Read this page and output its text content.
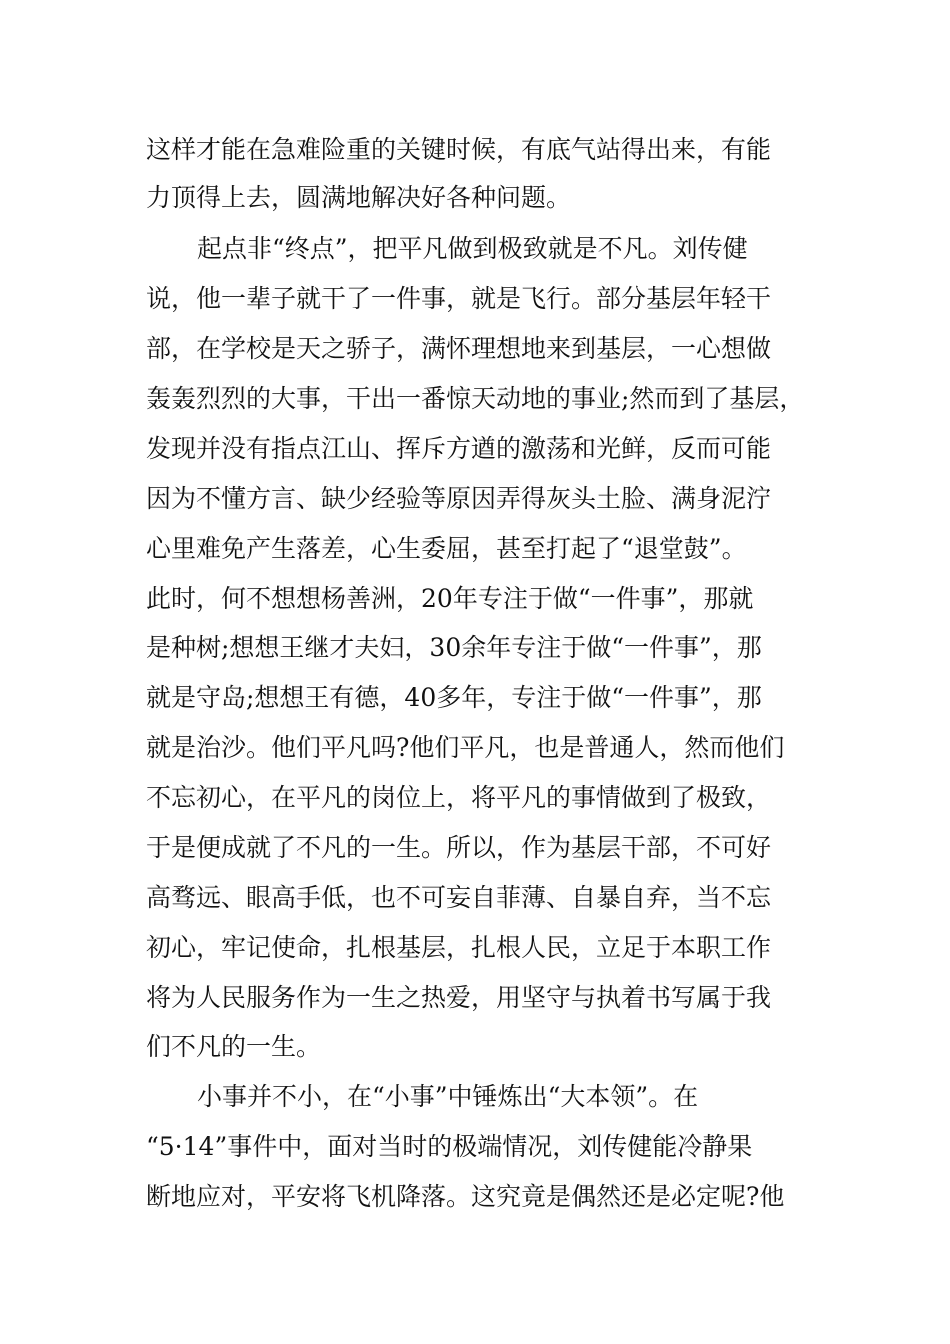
这样才能在急难险重的关键时候，有底气站得出来，有能

力顶得上去，圆满地解决好各种问题。

起点非“终点”，把平凡做到极致就是不凡。刘传健

说，他一辈子就干了一件事，就是飞行。部分基层年轻干

部，在学校是天之骄子，满怀理想地来到基层，一心想做

轰轰烈烈的大事，干出一番惊天动地的事业;然而到了基层，

发现并没有指点江山、挥斥方遒的激荡和光鲜，反而可能

因为不懂方言、缺少经验等原因弄得灰头土脸、满身泥泞

心里难免产生落差，心生委屈，甚至打起了“退堂鼓”。

此时，何不想想杨善洲，20年专注于做“一件事”，那就

是种树;想想王继才夫妇，30余年专注于做“一件事”，那

就是守岛;想想王有德，40多年，专注于做“一件事”，那

就是治沙。他们平凡吗?他们平凡，也是普通人，然而他们

不忘初心，在平凡的岗位上，将平凡的事情做到了极致，

于是便成就了不凡的一生。所以，作为基层干部，不可好

高骛远、眼高手低，也不可妄自菲薄、自暴自弃，当不忘

初心，牢记使命，扎根基层，扎根人民，立足于本职工作

将为人民服务作为一生之热爱，用坚守与执着书写属于我

们不凡的一生。

小事并不小，在“小事”中锤炼出“大本领”。在

“5·14”事件中，面对当时的极端情况，刘传健能冷静果

断地应对，平安将飞机降落。这究竟是偶然还是必定呢?他
